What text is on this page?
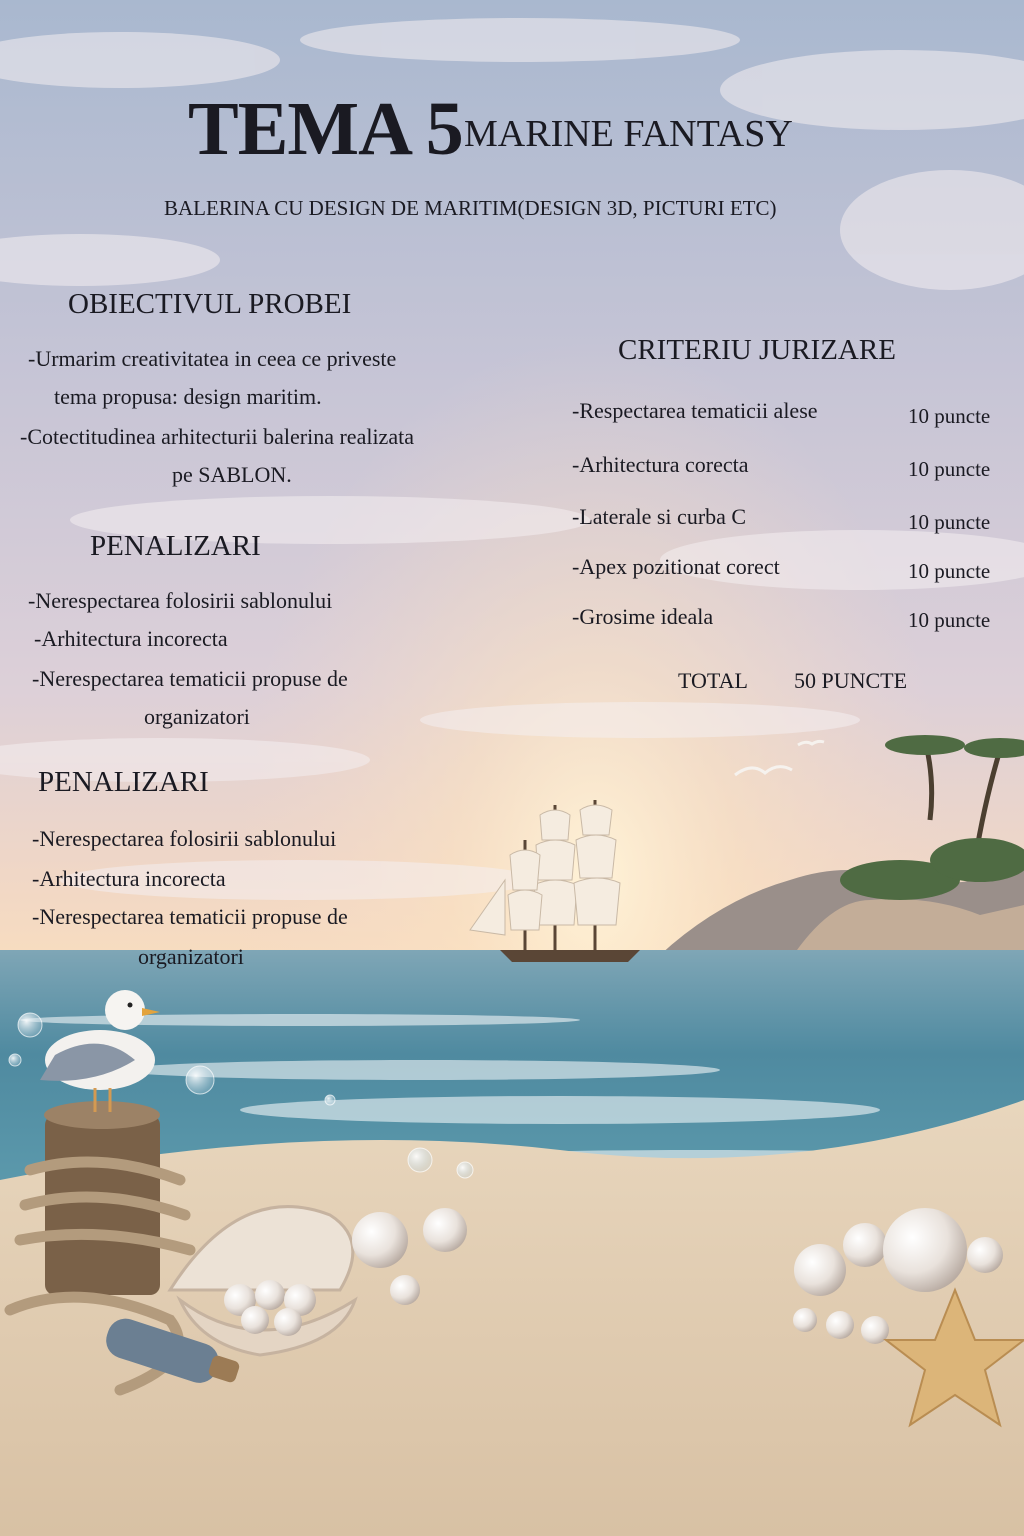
TEMA 5 MARINE FANTASY
BALERINA CU DESIGN DE MARITIM(DESIGN 3D, PICTURI ETC)
OBIECTIVUL PROBEI
-Urmarim creativitatea in ceea ce priveste
tema propusa: design maritim.
-Cotectitudinea arhitecturii balerina realizata
pe SABLON.
PENALIZARI
-Nerespectarea folosirii sablonului
-Arhitectura incorecta
-Nerespectarea tematicii propuse de
organizatori
PENALIZARI
-Nerespectarea folosirii sablonului
-Arhitectura incorecta
-Nerespectarea tematicii propuse de
organizatori
CRITERIU JURIZARE
-Respectarea tematicii alese	10 puncte
-Arhitectura corecta	10 puncte
-Laterale si curba C	10 puncte
-Apex pozitionat corect	10 puncte
-Grosime ideala	10 puncte
TOTAL 50 PUNCTE
